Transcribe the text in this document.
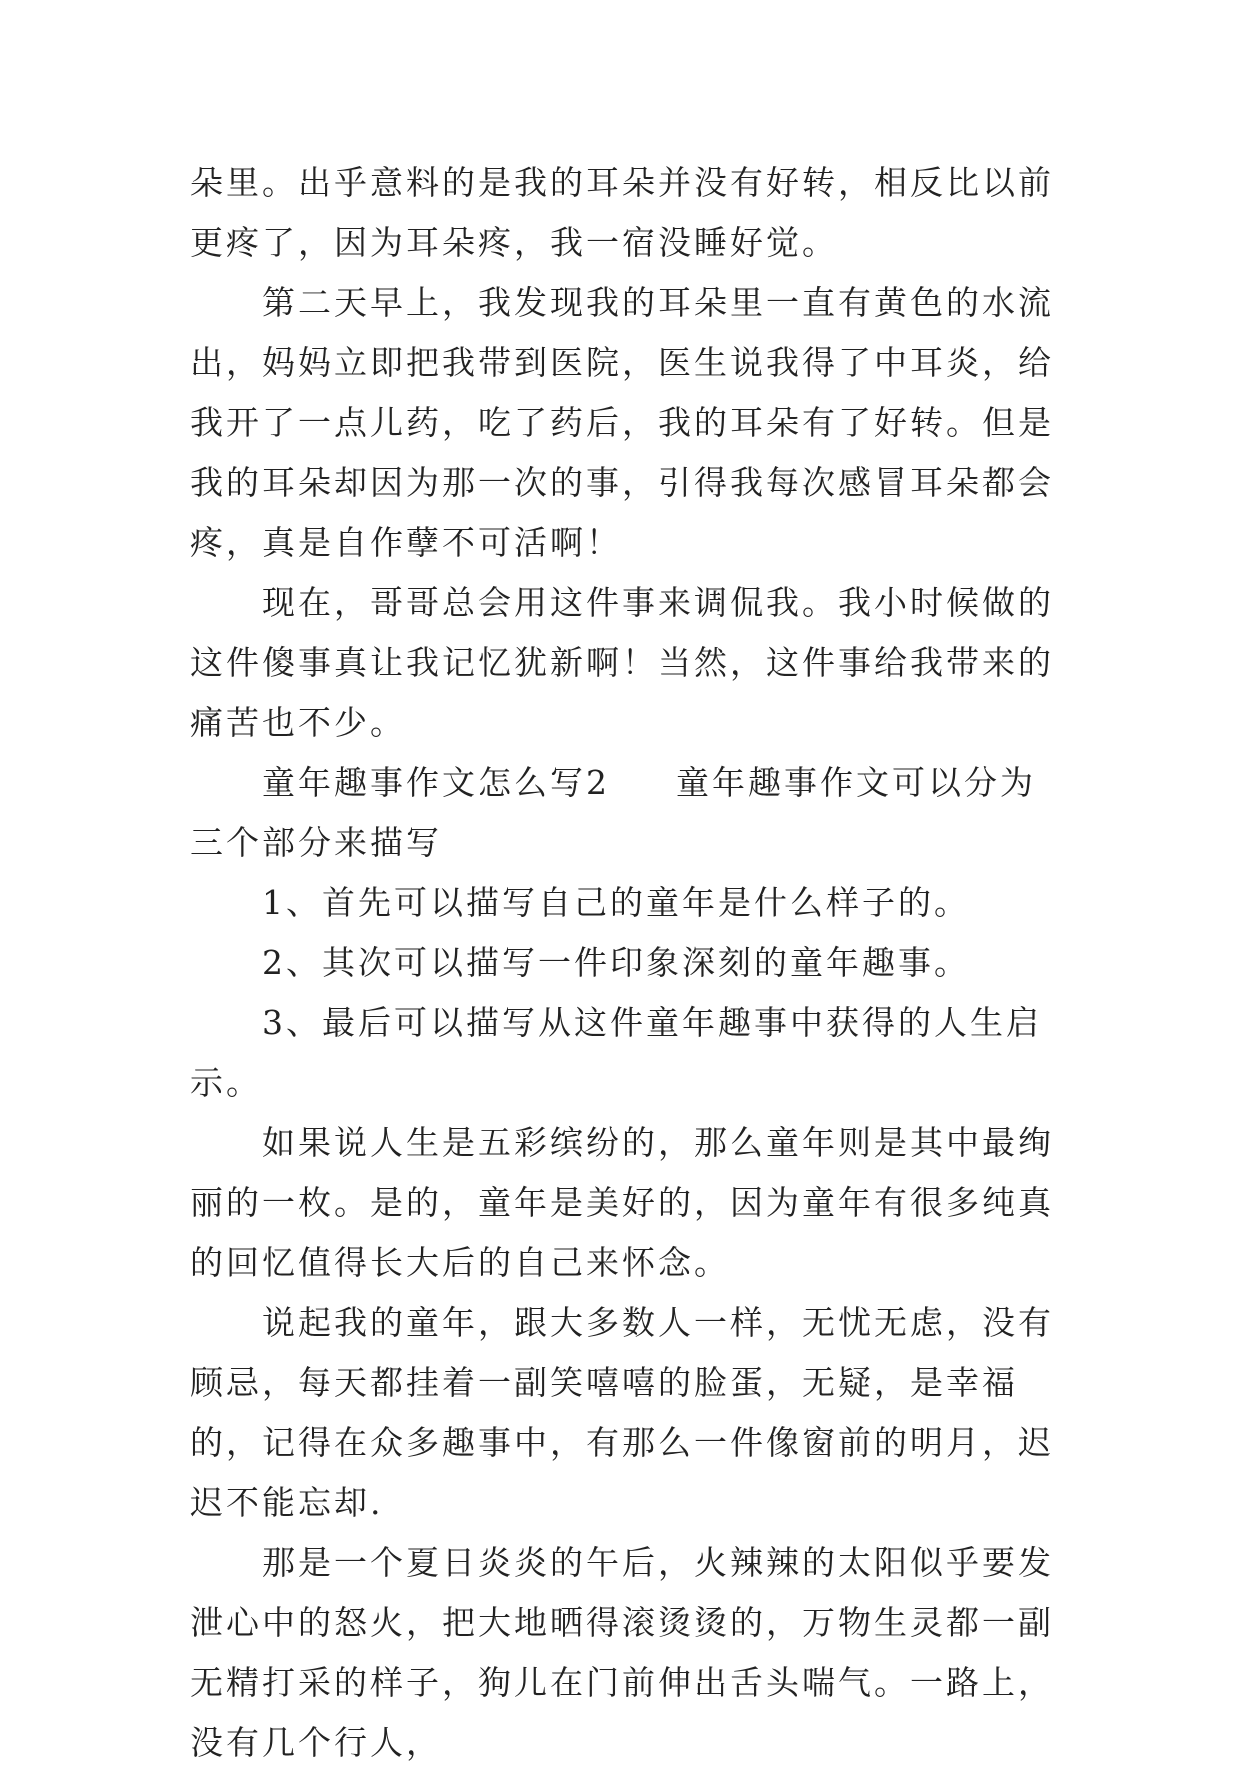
朵里。出乎意料的是我的耳朵并没有好转，相反比以前更疼了，因为耳朵疼，我一宿没睡好觉。

第二天早上，我发现我的耳朵里一直有黄色的水流出，妈妈立即把我带到医院，医生说我得了中耳炎，给我开了一点儿药，吃了药后，我的耳朵有了好转。但是我的耳朵却因为那一次的事，引得我每次感冒耳朵都会疼，真是自作孽不可活啊！

现在，哥哥总会用这件事来调侃我。我小时候做的这件傻事真让我记忆犹新啊！当然，这件事给我带来的痛苦也不少。

童年趣事作文怎么写2 童年趣事作文可以分为三个部分来描写

1、首先可以描写自己的童年是什么样子的。

2、其次可以描写一件印象深刻的童年趣事。

3、最后可以描写从这件童年趣事中获得的人生启示。

如果说人生是五彩缤纷的，那么童年则是其中最绚丽的一枚。是的，童年是美好的，因为童年有很多纯真的回忆值得长大后的自己来怀念。

说起我的童年，跟大多数人一样，无忧无虑，没有顾忌，每天都挂着一副笑嘻嘻的脸蛋，无疑，是幸福的，记得在众多趣事中，有那么一件像窗前的明月，迟迟不能忘却.

那是一个夏日炎炎的午后，火辣辣的太阳似乎要发泄心中的怒火，把大地晒得滚烫烫的，万物生灵都一副无精打采的样子，狗儿在门前伸出舌头喘气。一路上，没有几个行人，
